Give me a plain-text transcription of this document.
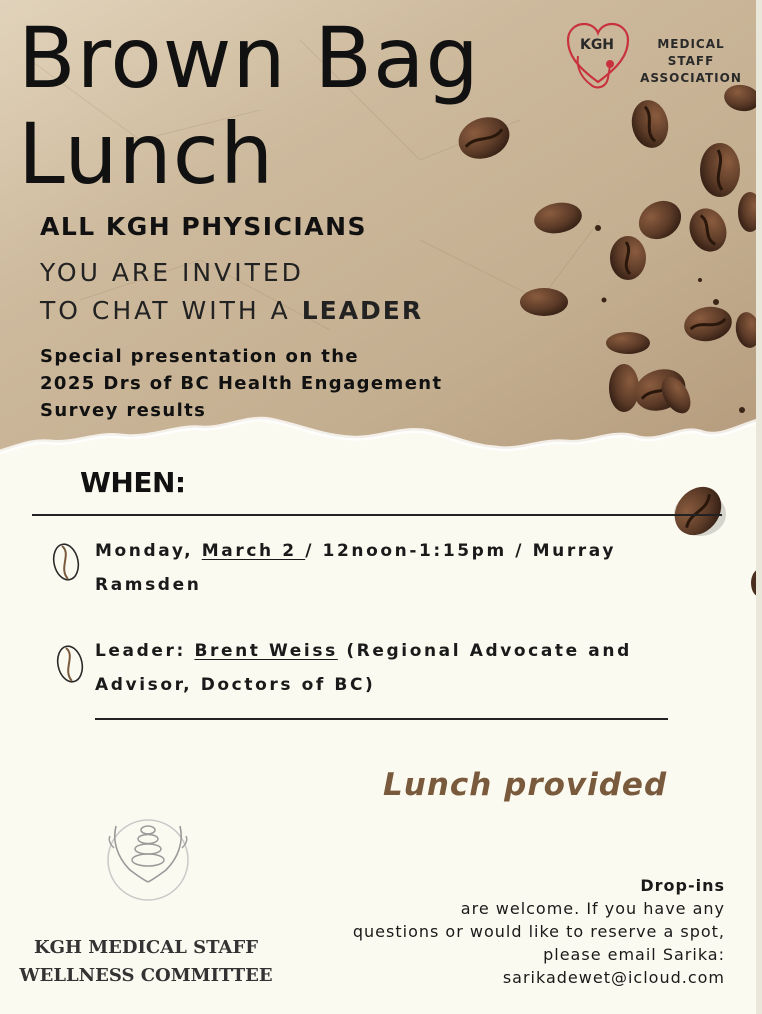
Brown Bag
Lunch
KGH	MEDICAL STAFF
ASSOCIATION
ALL KGH PHYSICIANS
YOU ARE INVITED
TO CHAT WITH A LEADER
Special presentation on the
2025 Drs of BC Health Engagement
Survey results
WHEN:
Monday, March 2 / 12noon-1:15pm / Murray
Ramsden
Leader: Brent Weiss (Regional Advocate and
Advisor, Doctors of BC)
Lunch provided
KGH MEDICAL STAFF
WELLNESS COMMITTEE
Drop-ins
are welcome. If you have any
questions or would like to reserve a spot,
please email Sarika:
sarikadewet@icloud.com
